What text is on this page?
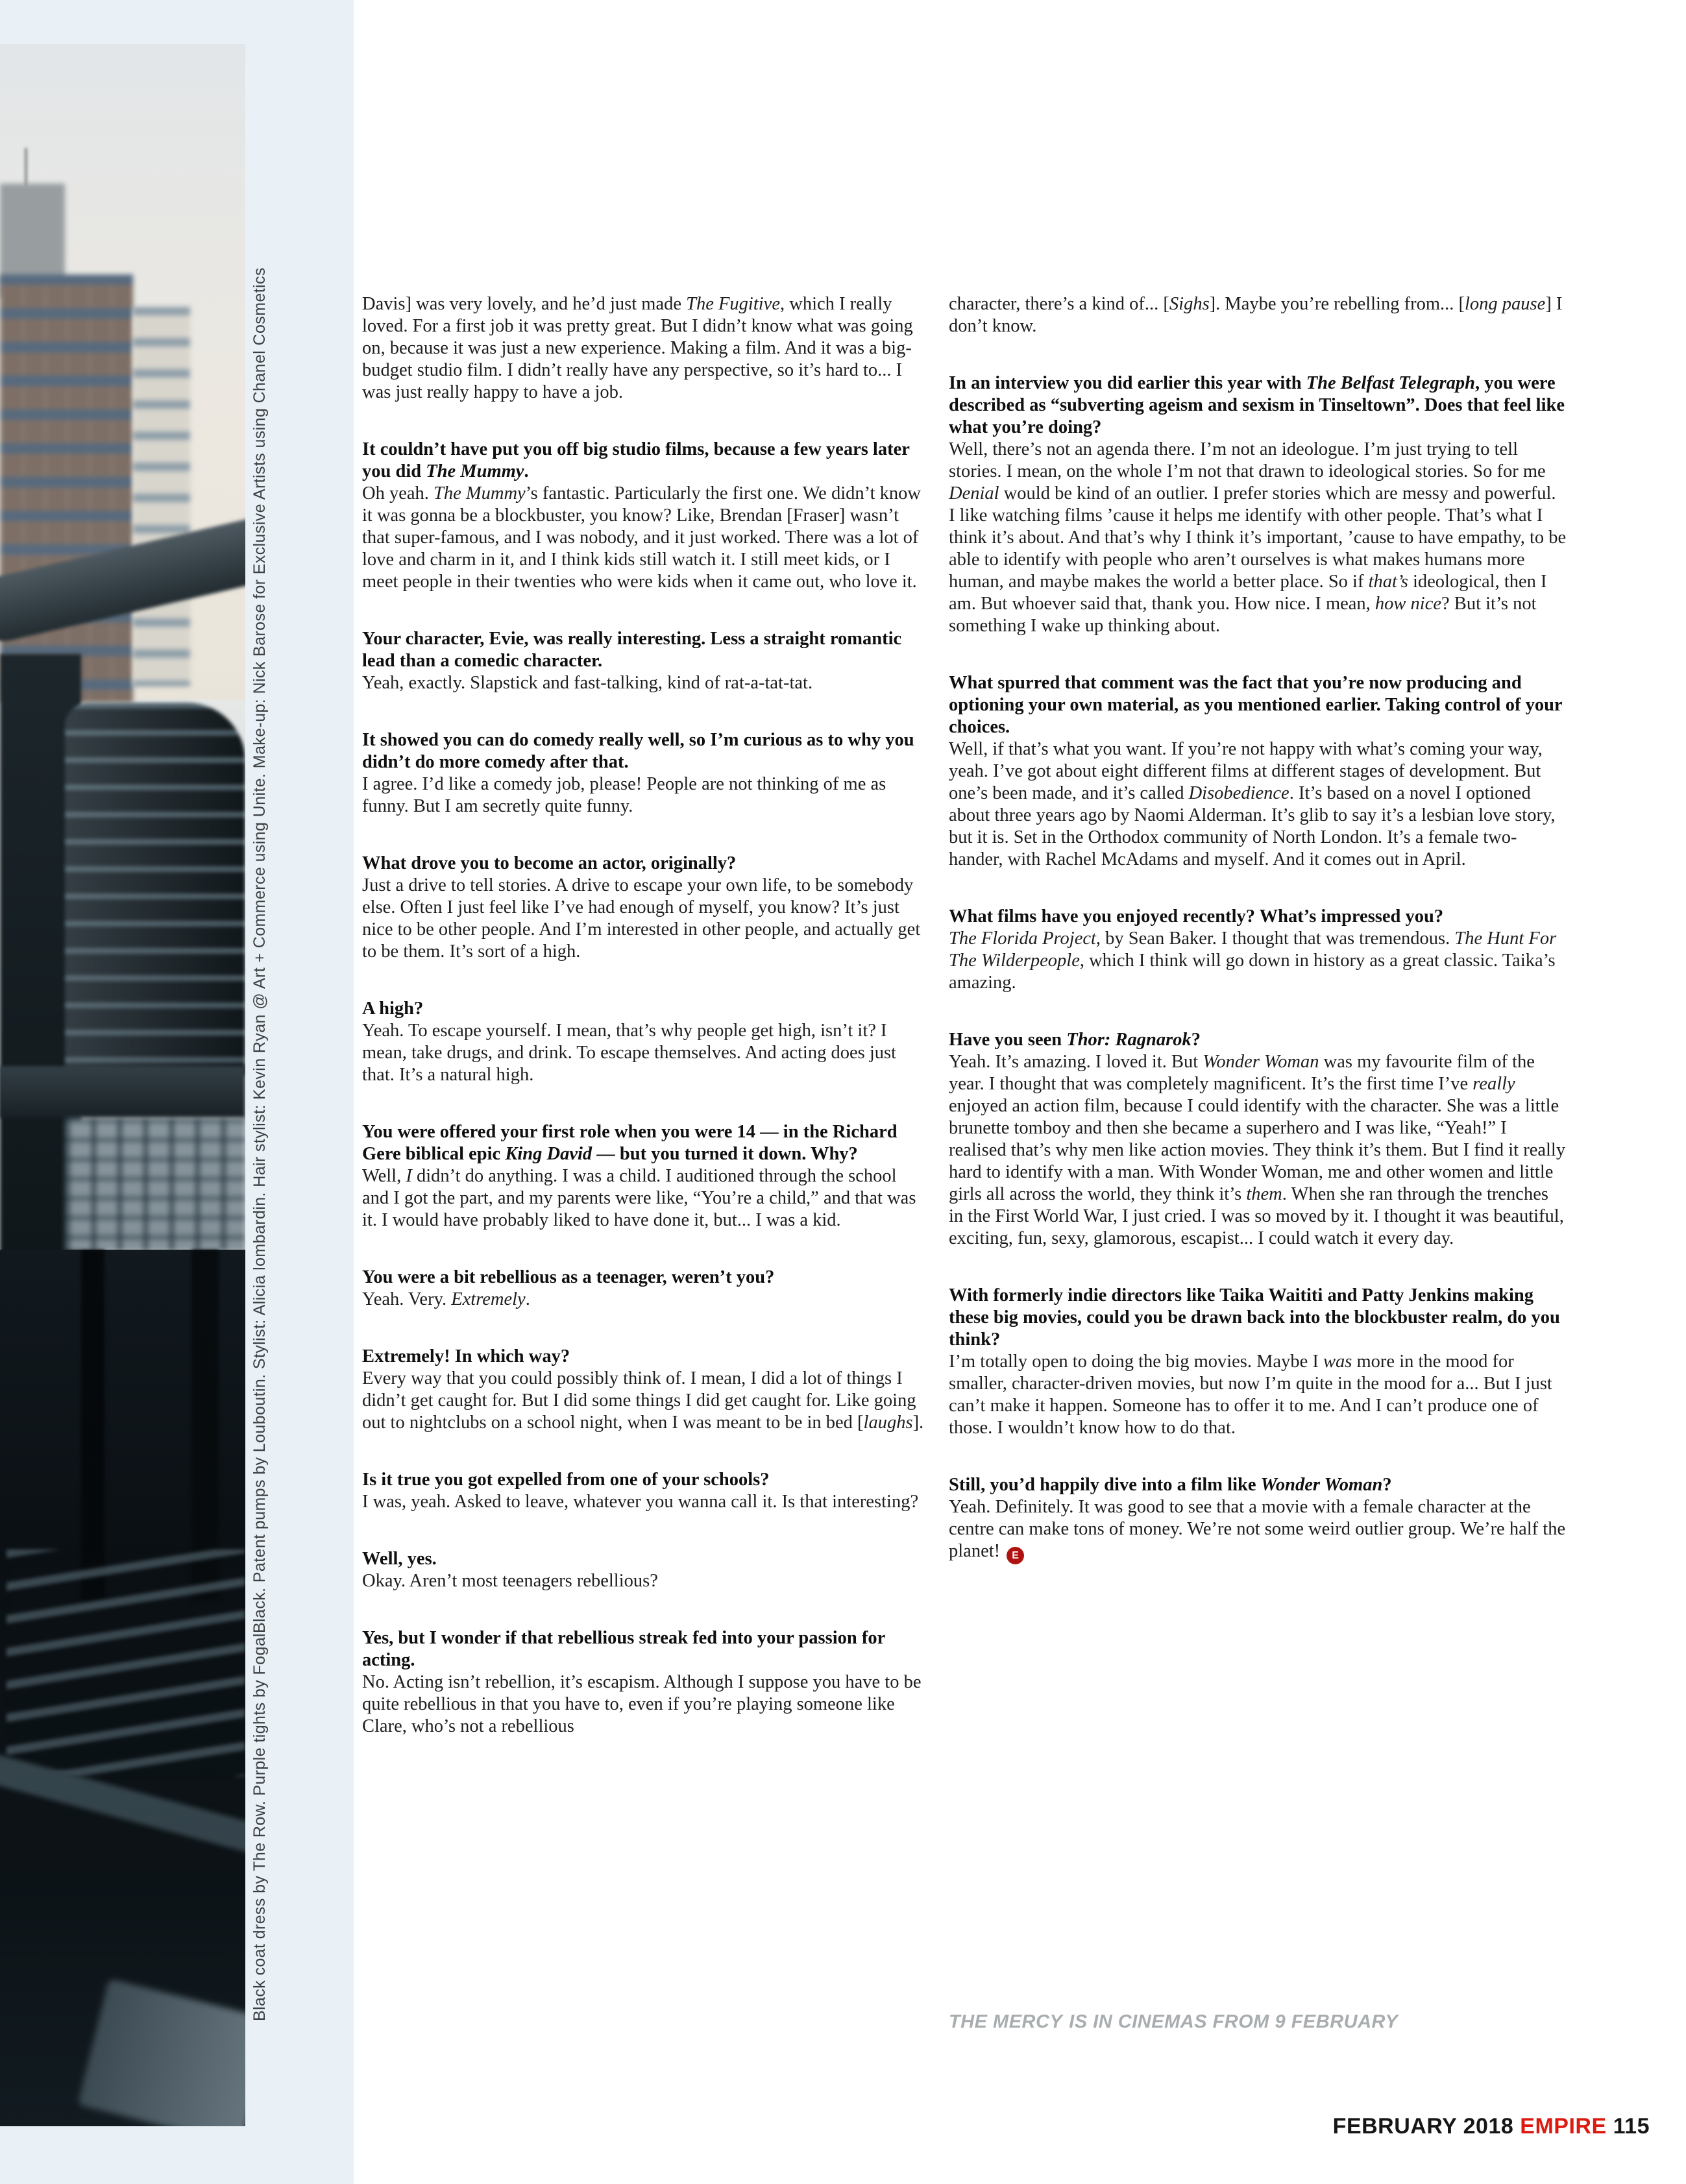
Black coat dress by The Row. Purple tights by FogalBlack. Patent pumps by Louboutin. Stylist: Alicia lombardin. Hair stylist: Kevin Ryan @ Art + Commerce using Unite. Make-up: Nick Barose for Exclusive Artists using Chanel Cosmetics	Davis] was very lovely, and he’d just made The Fugitive, which I really loved. For a first job it was pretty great. But I didn’t know what was going on, because it was just a new experience. Making a film. And it was a big-budget studio film. I didn’t really have any perspective, so it’s hard to... I was just really happy to have a job.

It couldn’t have put you off big studio films, because a few years later you did The Mummy.

Oh yeah. The Mummy’s fantastic. Particularly the first one. We didn’t know it was gonna be a blockbuster, you know? Like, Brendan [Fraser] wasn’t that super-famous, and I was nobody, and it just worked. There was a lot of love and charm in it, and I think kids still watch it. I still meet kids, or I meet people in their twenties who were kids when it came out, who love it.

Your character, Evie, was really interesting. Less a straight romantic lead than a comedic character.

Yeah, exactly. Slapstick and fast-talking, kind of rat-a-tat-tat.

It showed you can do comedy really well, so I’m curious as to why you didn’t do more comedy after that.

I agree. I’d like a comedy job, please! People are not thinking of me as funny. But I am secretly quite funny.

What drove you to become an actor, originally?

Just a drive to tell stories. A drive to escape your own life, to be somebody else. Often I just feel like I’ve had enough of myself, you know? It’s just nice to be other people. And I’m interested in other people, and actually get to be them. It’s sort of a high.

A high?

Yeah. To escape yourself. I mean, that’s why people get high, isn’t it? I mean, take drugs, and drink. To escape themselves. And acting does just that. It’s a natural high.

You were offered your first role when you were 14 — in the Richard Gere biblical epic King David — but you turned it down. Why?

Well, I didn’t do anything. I was a child. I auditioned through the school and I got the part, and my parents were like, “You’re a child,” and that was it. I would have probably liked to have done it, but... I was a kid.

You were a bit rebellious as a teenager, weren’t you?

Yeah. Very. Extremely.

Extremely! In which way?

Every way that you could possibly think of. I mean, I did a lot of things I didn’t get caught for. But I did some things I did get caught for. Like going out to nightclubs on a school night, when I was meant to be in bed [laughs].

Is it true you got expelled from one of your schools?

I was, yeah. Asked to leave, whatever you wanna call it. Is that interesting?

Well, yes.

Okay. Aren’t most teenagers rebellious?

Yes, but I wonder if that rebellious streak fed into your passion for acting.

No. Acting isn’t rebellion, it’s escapism. Although I suppose you have to be quite rebellious in that you have to, even if you’re playing someone like Clare, who’s not a rebellious

character, there’s a kind of... [Sighs]. Maybe you’re rebelling from... [long pause] I don’t know.

In an interview you did earlier this year with The Belfast Telegraph, you were described as “subverting ageism and sexism in Tinseltown”. Does that feel like what you’re doing?

Well, there’s not an agenda there. I’m not an ideologue. I’m just trying to tell stories. I mean, on the whole I’m not that drawn to ideological stories. So for me Denial would be kind of an outlier. I prefer stories which are messy and powerful. I like watching films ’cause it helps me identify with other people. That’s what I think it’s about. And that’s why I think it’s important, ’cause to have empathy, to be able to identify with people who aren’t ourselves is what makes humans more human, and maybe makes the world a better place. So if that’s ideological, then I am. But whoever said that, thank you. How nice. I mean, how nice? But it’s not something I wake up thinking about.

What spurred that comment was the fact that you’re now producing and optioning your own material, as you mentioned earlier. Taking control of your choices.

Well, if that’s what you want. If you’re not happy with what’s coming your way, yeah. I’ve got about eight different films at different stages of development. But one’s been made, and it’s called Disobedience. It’s based on a novel I optioned about three years ago by Naomi Alderman. It’s glib to say it’s a lesbian love story, but it is. Set in the Orthodox community of North London. It’s a female two-hander, with Rachel McAdams and myself. And it comes out in April.

What films have you enjoyed recently? What’s impressed you?

The Florida Project, by Sean Baker. I thought that was tremendous. The Hunt For The Wilderpeople, which I think will go down in history as a great classic. Taika’s amazing.

Have you seen Thor: Ragnarok?

Yeah. It’s amazing. I loved it. But Wonder Woman was my favourite film of the year. I thought that was completely magnificent. It’s the first time I’ve really enjoyed an action film, because I could identify with the character. She was a little brunette tomboy and then she became a superhero and I was like, “Yeah!” I realised that’s why men like action movies. They think it’s them. But I find it really hard to identify with a man. With Wonder Woman, me and other women and little girls all across the world, they think it’s them. When she ran through the trenches in the First World War, I just cried. I was so moved by it. I thought it was beautiful, exciting, fun, sexy, glamorous, escapist... I could watch it every day.

With formerly indie directors like Taika Waititi and Patty Jenkins making these big movies, could you be drawn back into the blockbuster realm, do you think?

I’m totally open to doing the big movies. Maybe I was more in the mood for smaller, character-driven movies, but now I’m quite in the mood for a... But I just can’t make it happen. Someone has to offer it to me. And I can’t produce one of those. I wouldn’t know how to do that.

Still, you’d happily dive into a film like Wonder Woman?

Yeah. Definitely. It was good to see that a movie with a female character at the centre can make tons of money. We’re not some weird outlier group. We’re half the planet! E

THE MERCY IS IN CINEMAS FROM 9 FEBRUARY
FEBRUARY 2018 EMPIRE 115
